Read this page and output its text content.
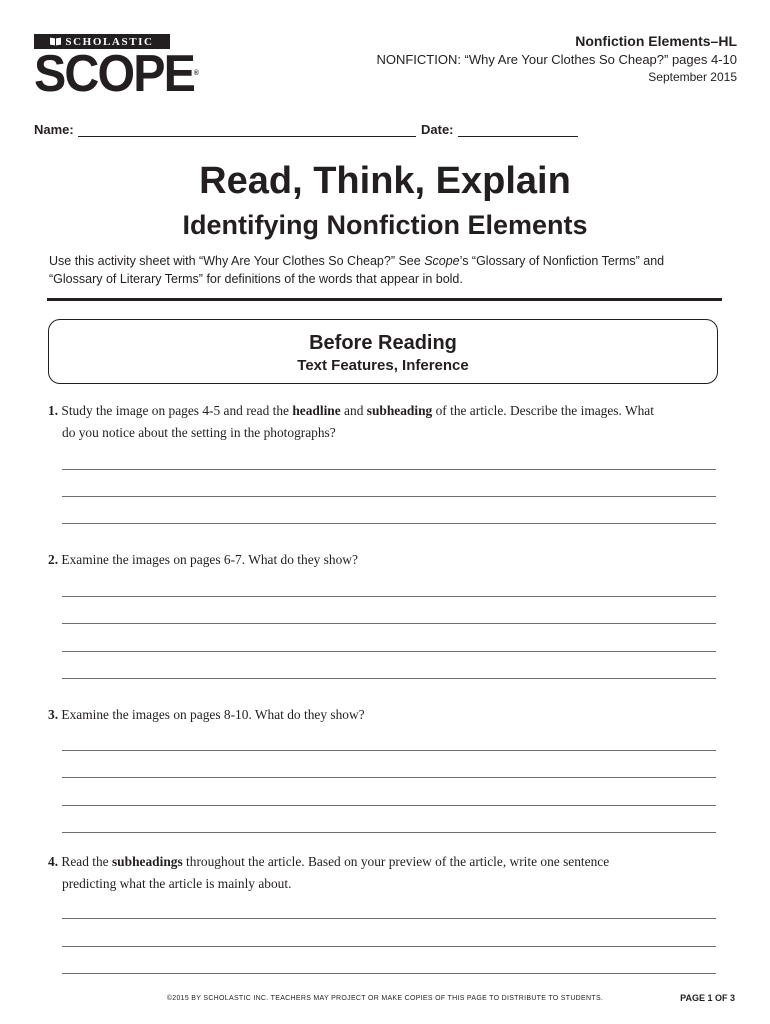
SCHOLASTIC
SCOPE®
Nonfiction Elements–HL
NONFICTION: “Why Are Your Clothes So Cheap?” pages 4-10
September 2015
Name:	Date:
Read, Think, Explain
Identifying Nonfiction Elements
Use this activity sheet with “Why Are Your Clothes So Cheap?” See Scope’s “Glossary of Nonfiction Terms” and “Glossary of Literary Terms” for definitions of the words that appear in bold.
Before Reading
Text Features, Inference
1. Study the image on pages 4-5 and read the headline and subheading of the article. Describe the images. What
do you notice about the setting in the photographs?
2. Examine the images on pages 6-7. What do they show?
3. Examine the images on pages 8-10. What do they show?
4. Read the subheadings throughout the article. Based on your preview of the article, write one sentence
predicting what the article is mainly about.
©2015 BY SCHOLASTIC INC. TEACHERS MAY PROJECT OR MAKE COPIES OF THIS PAGE TO DISTRIBUTE TO STUDENTS.	PAGE 1 OF 3
